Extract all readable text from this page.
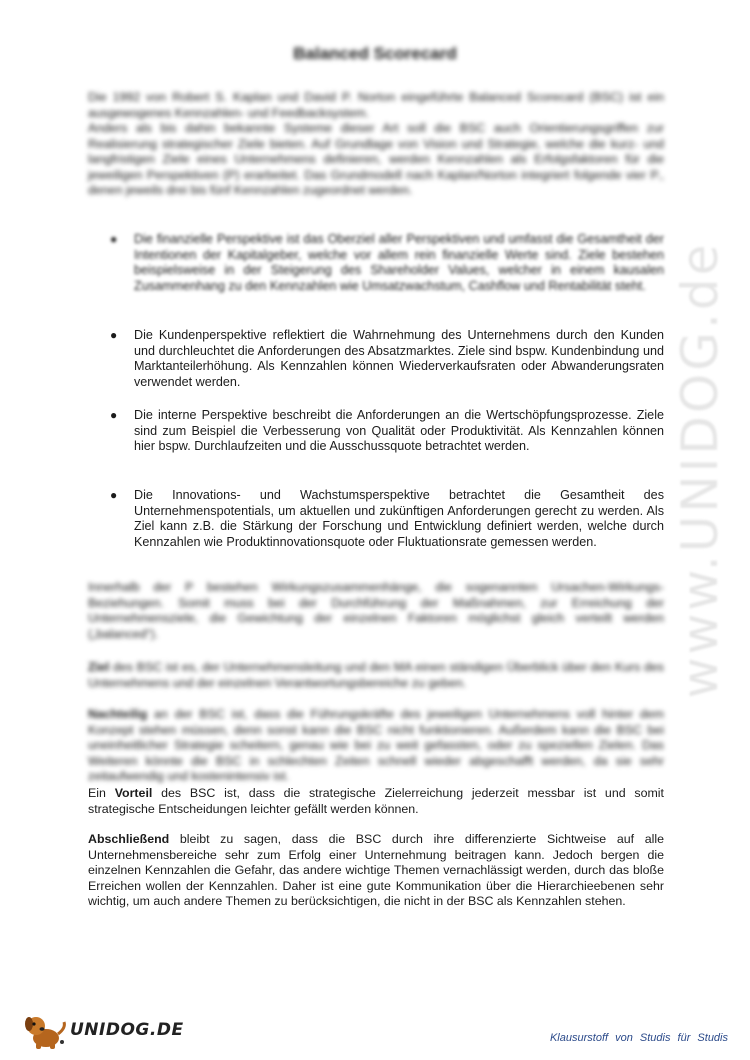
www.UNIDOG.de
Balanced Scorecard
Die 1992 von Robert S. Kaplan und David P. Norton eingeführte Balanced Scorecard (BSC) ist ein ausgewogenes Kennzahlen- und Feedbacksystem.
Anders als bis dahin bekannte Systeme dieser Art soll die BSC auch Orientierungsgriffen zur Realisierung strategischer Ziele bieten. Auf Grundlage von Vision und Strategie, welche die kurz- und langfristigen Ziele eines Unternehmens definieren, werden Kennzahlen als Erfolgsfaktoren für die jeweiligen Perspektiven (P) erarbeitet. Das Grundmodell nach Kaplan/Norton integriert folgende vier P., denen jeweils drei bis fünf Kennzahlen zugeordnet werden.
● Die finanzielle Perspektive ist das Oberziel aller Perspektiven und umfasst die Gesamtheit der Intentionen der Kapitalgeber, welche vor allem rein finanzielle Werte sind. Ziele bestehen beispielsweise in der Steigerung des Shareholder Values, welcher in einem kausalen Zusammenhang zu den Kennzahlen wie Umsatzwachstum, Cashflow und Rentabilität steht.
● Die Kundenperspektive reflektiert die Wahrnehmung des Unternehmens durch den Kunden und durchleuchtet die Anforderungen des Absatzmarktes. Ziele sind bspw. Kundenbindung und Marktanteilerhöhung. Als Kennzahlen können Wiederverkaufsraten oder Abwanderungsraten verwendet werden.
● Die interne Perspektive beschreibt die Anforderungen an die Wertschöpfungsprozesse. Ziele sind zum Beispiel die Verbesserung von Qualität oder Produktivität. Als Kennzahlen können hier bspw. Durchlaufzeiten und die Ausschussquote betrachtet werden.
● Die Innovations- und Wachstumsperspektive betrachtet die Gesamtheit des Unternehmenspotentials, um aktuellen und zukünftigen Anforderungen gerecht zu werden. Als Ziel kann z.B. die Stärkung der Forschung und Entwicklung definiert werden, welche durch Kennzahlen wie Produktinnovationsquote oder Fluktuationsrate gemessen werden.
Innerhalb der P bestehen Wirkungszusammenhänge, die sogenannten Ursachen-Wirkungs-Beziehungen. Somit muss bei der Durchführung der Maßnahmen, zur Erreichung der Unternehmensziele, die Gewichtung der einzelnen Faktoren möglichst gleich verteilt werden („balanced“).
Ziel des BSC ist es, der Unternehmensleitung und den MA einen ständigen Überblick über den Kurs des Unternehmens und der einzelnen Verantwortungsbereiche zu geben.
Nachteilig an der BSC ist, dass die Führungskräfte des jeweiligen Unternehmens voll hinter dem Konzept stehen müssen, denn sonst kann die BSC nicht funktionieren. Außerdem kann die BSC bei uneinheitlicher Strategie scheitern, genau wie bei zu weit gefassten, oder zu speziellen Zielen. Das Weiteren könnte die BSC in schlechten Zeiten schnell wieder abgeschafft werden, da sie sehr zeitaufwendig und kostenintensiv ist.
Ein Vorteil des BSC ist, dass die strategische Zielerreichung jederzeit messbar ist und somit strategische Entscheidungen leichter gefällt werden können.
Abschließend bleibt zu sagen, dass die BSC durch ihre differenzierte Sichtweise auf alle Unternehmensbereiche sehr zum Erfolg einer Unternehmung beitragen kann. Jedoch bergen die einzelnen Kennzahlen die Gefahr, das andere wichtige Themen vernachlässigt werden, durch das bloße Erreichen wollen der Kennzahlen. Daher ist eine gute Kommunikation über die Hierarchieebenen sehr wichtig, um auch andere Themen zu berücksichtigen, die nicht in der BSC als Kennzahlen stehen.
UNIDOG.DE	Klausurstoff von Studis für Studis
